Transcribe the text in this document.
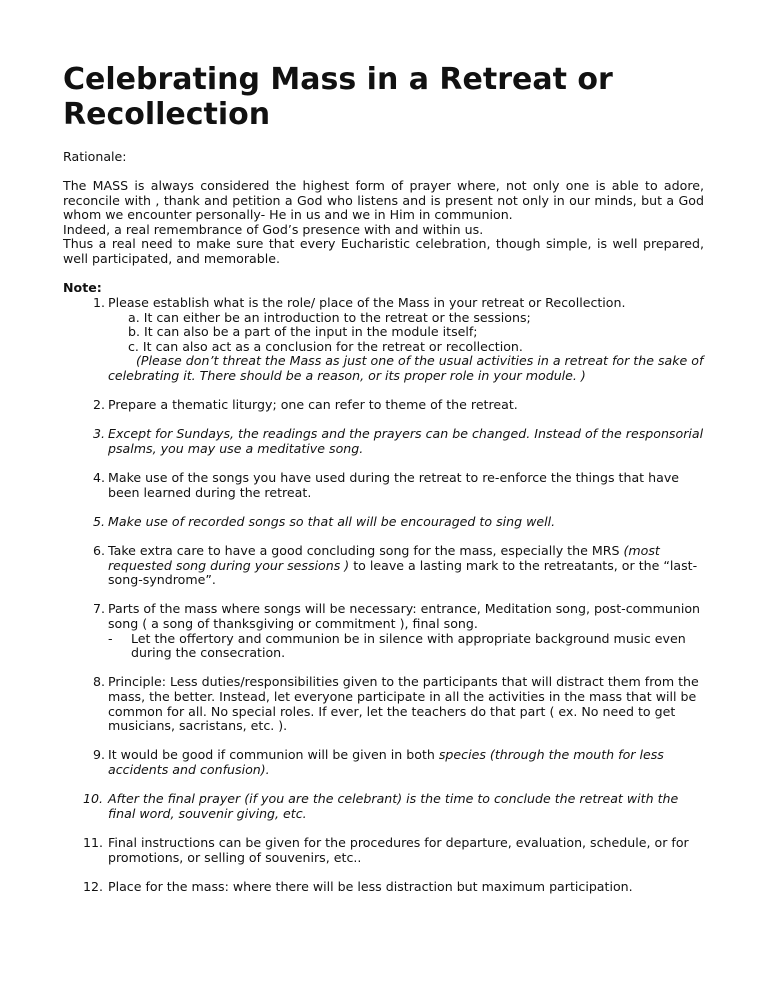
Celebrating Mass in a Retreat or Recollection

Rationale:

The MASS is always considered the highest form of prayer where, not only one is able to adore, reconcile with , thank and petition a God who listens and is present not only in our minds, but a God whom we encounter personally- He in us and we in Him in communion.
Indeed, a real remembrance of God’s presence with and within us.
Thus a real need to make sure that every Eucharistic celebration, though simple, is well prepared, well participated, and memorable.

Note:

1. Please establish what is the role/ place of the Mass in your retreat or Recollection.
a. It can either be an introduction to the retreat or the sessions;
b. It can also be a part of the input in the module itself;
c. It can also act as a conclusion for the retreat or recollection.
(Please don’t threat the Mass as just one of the usual activities in a retreat for the sake of celebrating it. There should be a reason, or its proper role in your module. )
2. Prepare a thematic liturgy; one can refer to theme of the retreat.
3. Except for Sundays, the readings and the prayers can be changed. Instead of the responsorial psalms, you may use a meditative song.
4. Make use of the songs you have used during the retreat to re-enforce the things that have been learned during the retreat.
5. Make use of recorded songs so that all will be encouraged to sing well.
6. Take extra care to have a good concluding song for the mass, especially the MRS (most requested song during your sessions ) to leave a lasting mark to the retreatants, or the “last-song-syndrome”.
7. Parts of the mass where songs will be necessary: entrance, Meditation song, post-communion song ( a song of thanksgiving or commitment ), final song.
- Let the offertory and communion be in silence with appropriate background music even during the consecration.
8. Principle: Less duties/responsibilities given to the participants that will distract them from the mass, the better. Instead, let everyone participate in all the activities in the mass that will be common for all. No special roles. If ever, let the teachers do that part ( ex. No need to get musicians, sacristans, etc. ).
9. It would be good if communion will be given in both species (through the mouth for less accidents and confusion).
10. After the final prayer (if you are the celebrant) is the time to conclude the retreat with the final word, souvenir giving, etc.
11. Final instructions can be given for the procedures for departure, evaluation, schedule, or for promotions, or selling of souvenirs, etc..
12. Place for the mass: where there will be less distraction but maximum participation.
